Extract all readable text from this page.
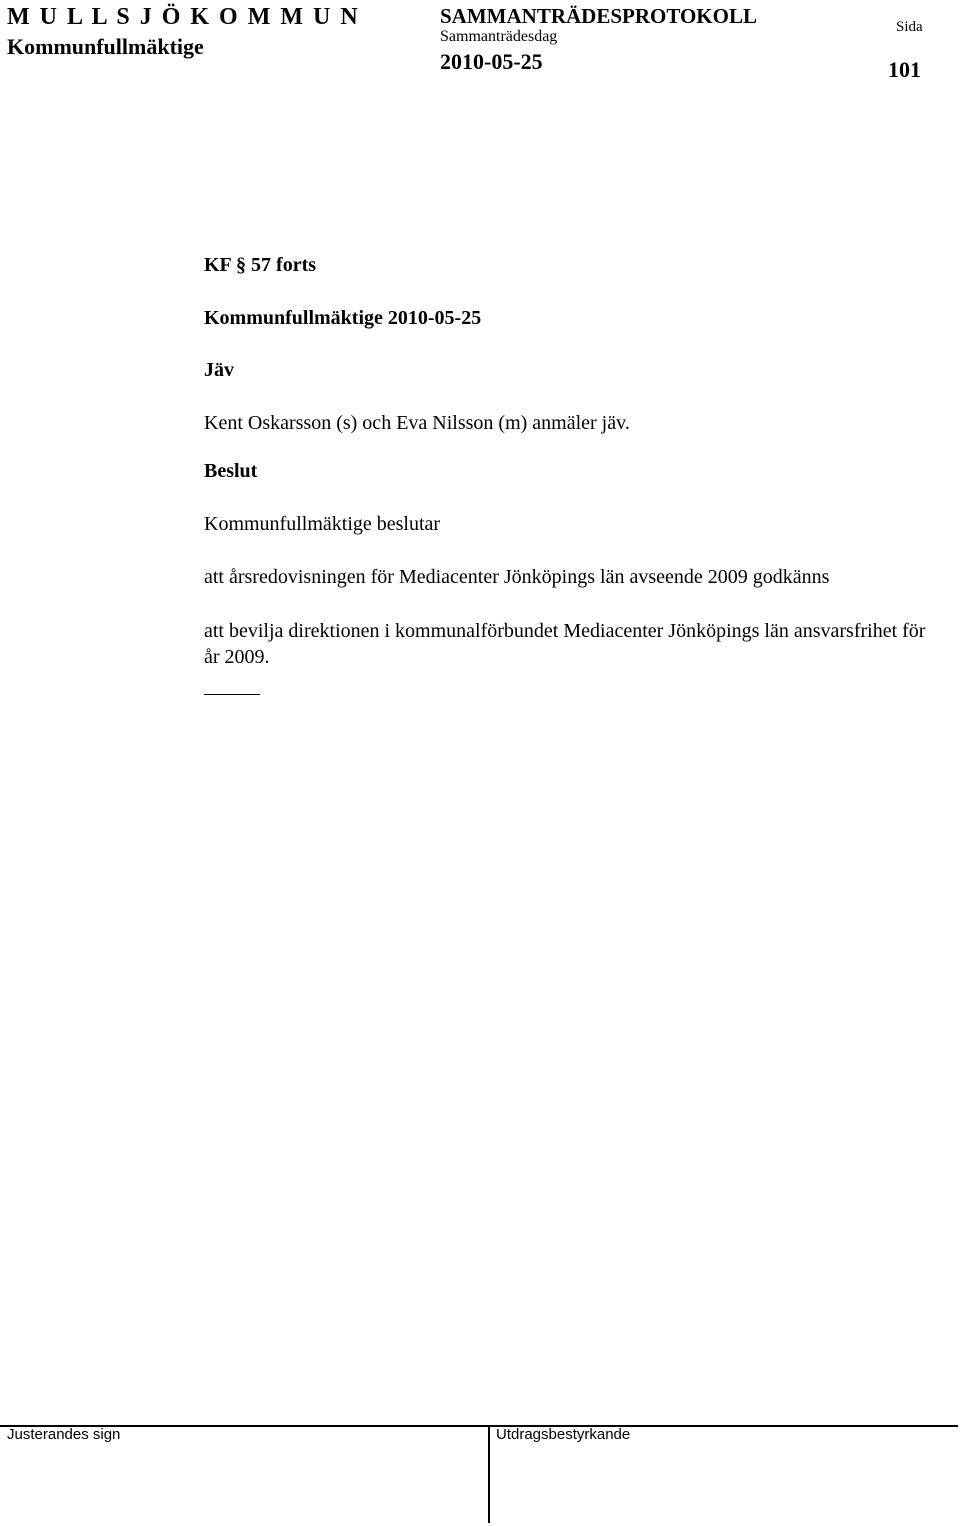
M U L L S J Ö K O M M U N
Kommunfullmäktige
SAMMANTRÄDESPROTOKOLL
Sammanträdesdag
2010-05-25
Sida
101
KF § 57 forts
Kommunfullmäktige 2010-05-25
Jäv
Kent Oskarsson (s) och Eva Nilsson (m) anmäler jäv.
Beslut
Kommunfullmäktige beslutar
att årsredovisningen för Mediacenter Jönköpings län avseende 2009 godkänns
att bevilja direktionen i kommunalförbundet Mediacenter Jönköpings län ansvarsfrihet för år 2009.
Justerandes sign	Utdragsbestyrkande
